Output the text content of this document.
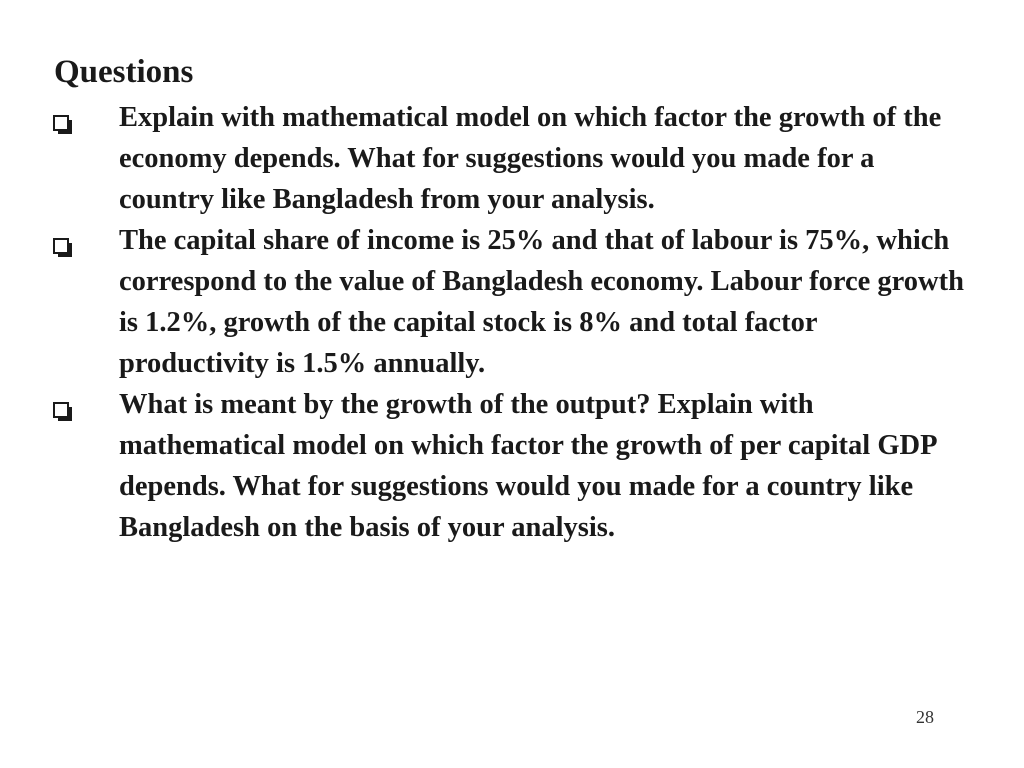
Questions
Explain with mathematical model on which factor the growth of the economy depends. What for suggestions would you made for a country like Bangladesh from your analysis.
The capital share of income is 25% and that of labour is 75%, which correspond to the value of Bangladesh economy. Labour force growth is 1.2%, growth of the capital stock is 8% and total factor productivity is 1.5% annually.
What is meant by the growth of the output? Explain with mathematical model on which factor the growth of per capital GDP depends. What for suggestions would you made for a country like Bangladesh on the basis of your analysis.
28
